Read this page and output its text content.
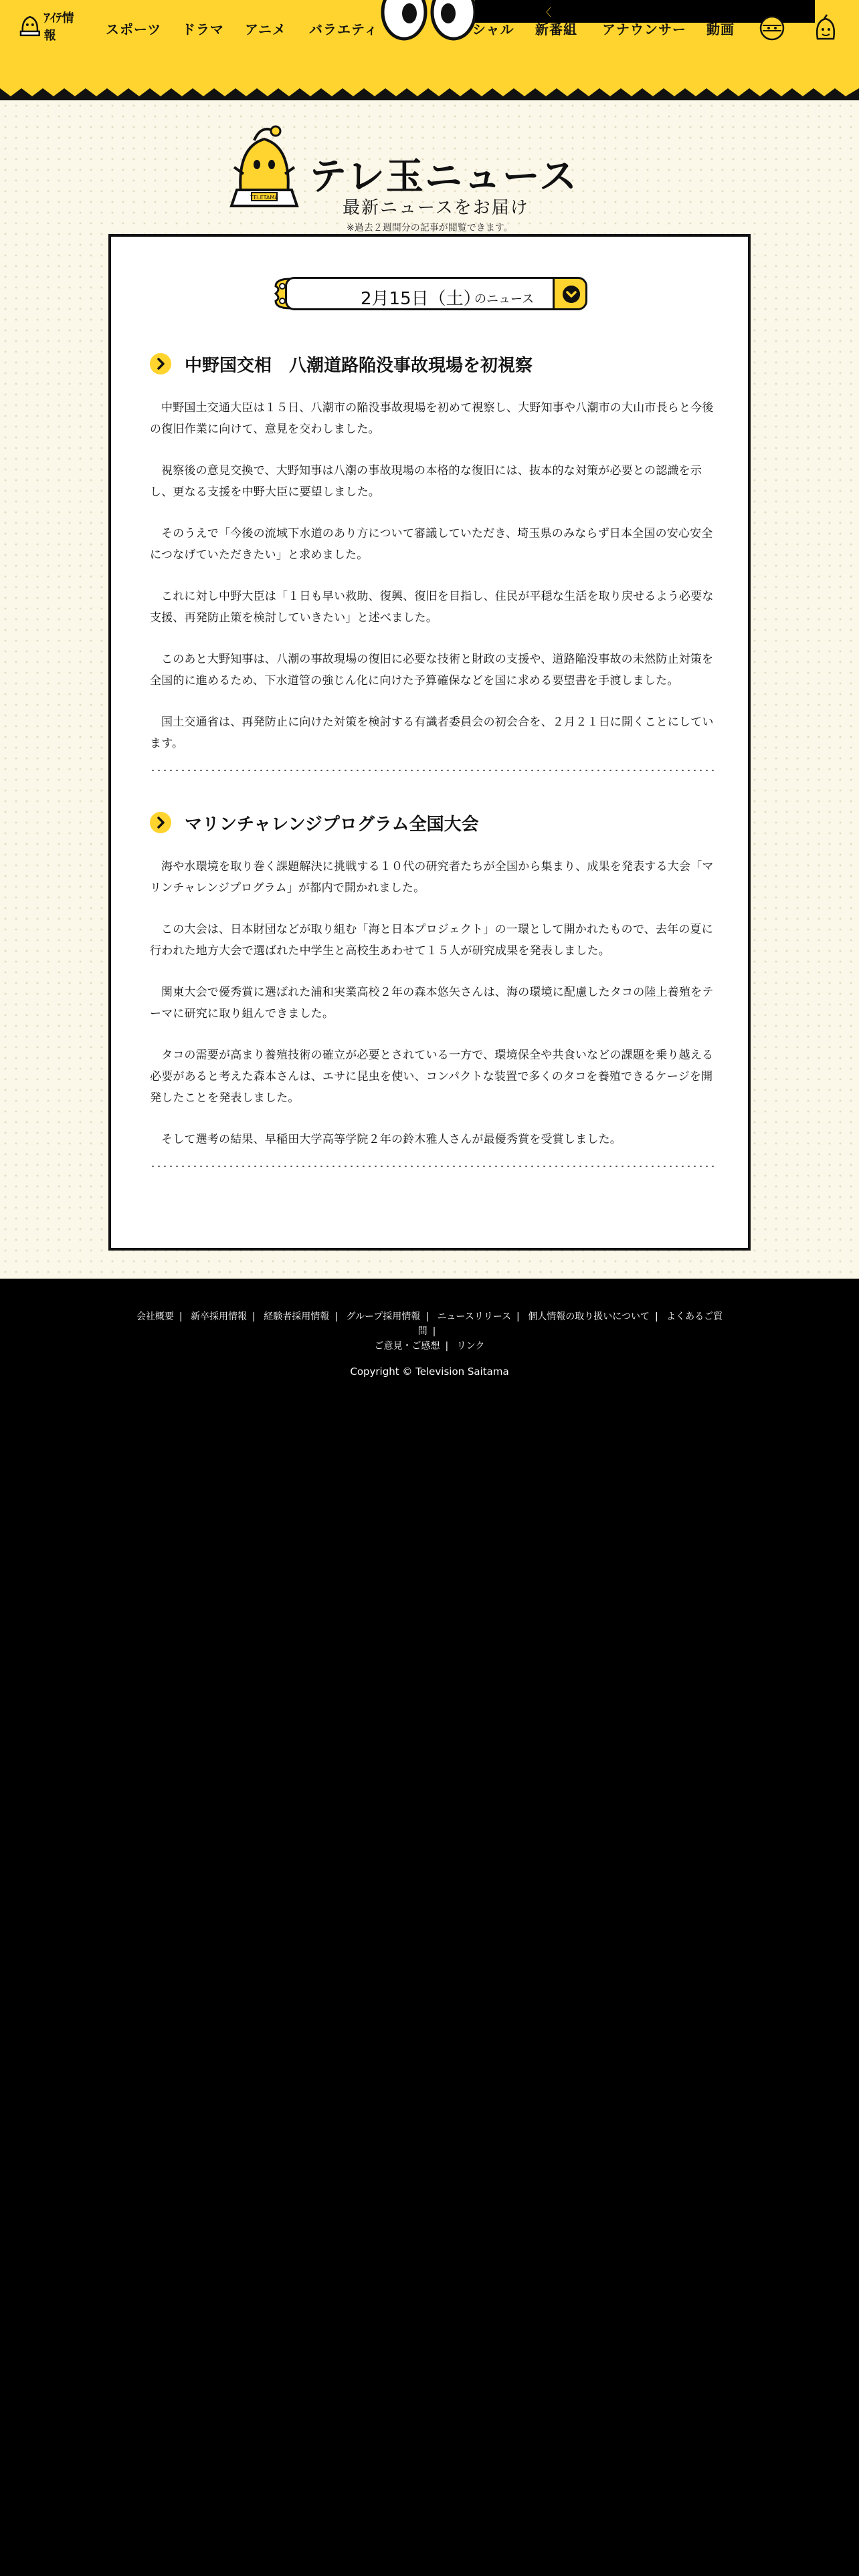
ｱｲﾃ情報	スポーツ ドラマ アニメ バラエティ
〈
シャル 新番組 アナウンサー 動画
TELETAMA テレ玉ニュース

最新ニュースをお届け

※過去２週間分の記事が閲覧できます。

2月15日（土）
のニュース
中野国交相　八潮道路陥没事故現場を初視察

中野国土交通大臣は１５日、八潮市の陥没事故現場を初めて視察し、大野知事や八潮市の大山市長らと今後の復旧作業に向けて、意見を交わしました。

視察後の意見交換で、大野知事は八潮の事故現場の本格的な復旧には、抜本的な対策が必要との認識を示し、更なる支援を中野大臣に要望しました。

そのうえで「今後の流域下水道のあり方について審議していただき、埼玉県のみならず日本全国の安心安全につなげていただきたい」と求めました。

これに対し中野大臣は「１日も早い救助、復興、復旧を目指し、住民が平穏な生活を取り戻せるよう必要な支援、再発防止策を検討していきたい」と述べました。

このあと大野知事は、八潮の事故現場の復旧に必要な技術と財政の支援や、道路陥没事故の未然防止対策を全国的に進めるため、下水道管の強じん化に向けた予算確保などを国に求める要望書を手渡しました。

国土交通省は、再発防止に向けた対策を検討する有識者委員会の初会合を、２月２１日に開くことにしています。

マリンチャレンジプログラム全国大会

海や水環境を取り巻く課題解決に挑戦する１０代の研究者たちが全国から集まり、成果を発表する大会「マリンチャレンジプログラム」が都内で開かれました。

この大会は、日本財団などが取り組む「海と日本プロジェクト」の一環として開かれたもので、去年の夏に行われた地方大会で選ばれた中学生と高校生あわせて１５人が研究成果を発表しました。

関東大会で優秀賞に選ばれた浦和実業高校２年の森本悠矢さんは、海の環境に配慮したタコの陸上養殖をテーマに研究に取り組んできました。

タコの需要が高まり養殖技術の確立が必要とされている一方で、環境保全や共食いなどの課題を乗り越える必要があると考えた森本さんは、エサに昆虫を使い、コンパクトな装置で多くのタコを養殖できるケージを開発したことを発表しました。

そして選考の結果、早稲田大学高等学院２年の鈴木雅人さんが最優秀賞を受賞しました。

会社概要 | 新卒採用情報 | 経験者採用情報 | グループ採用情報 | ニュースリリース | 個人情報の取り扱いについて | よくあるご質問 |
ご意見・ご感想 | リンク

Copyright © Television Saitama
